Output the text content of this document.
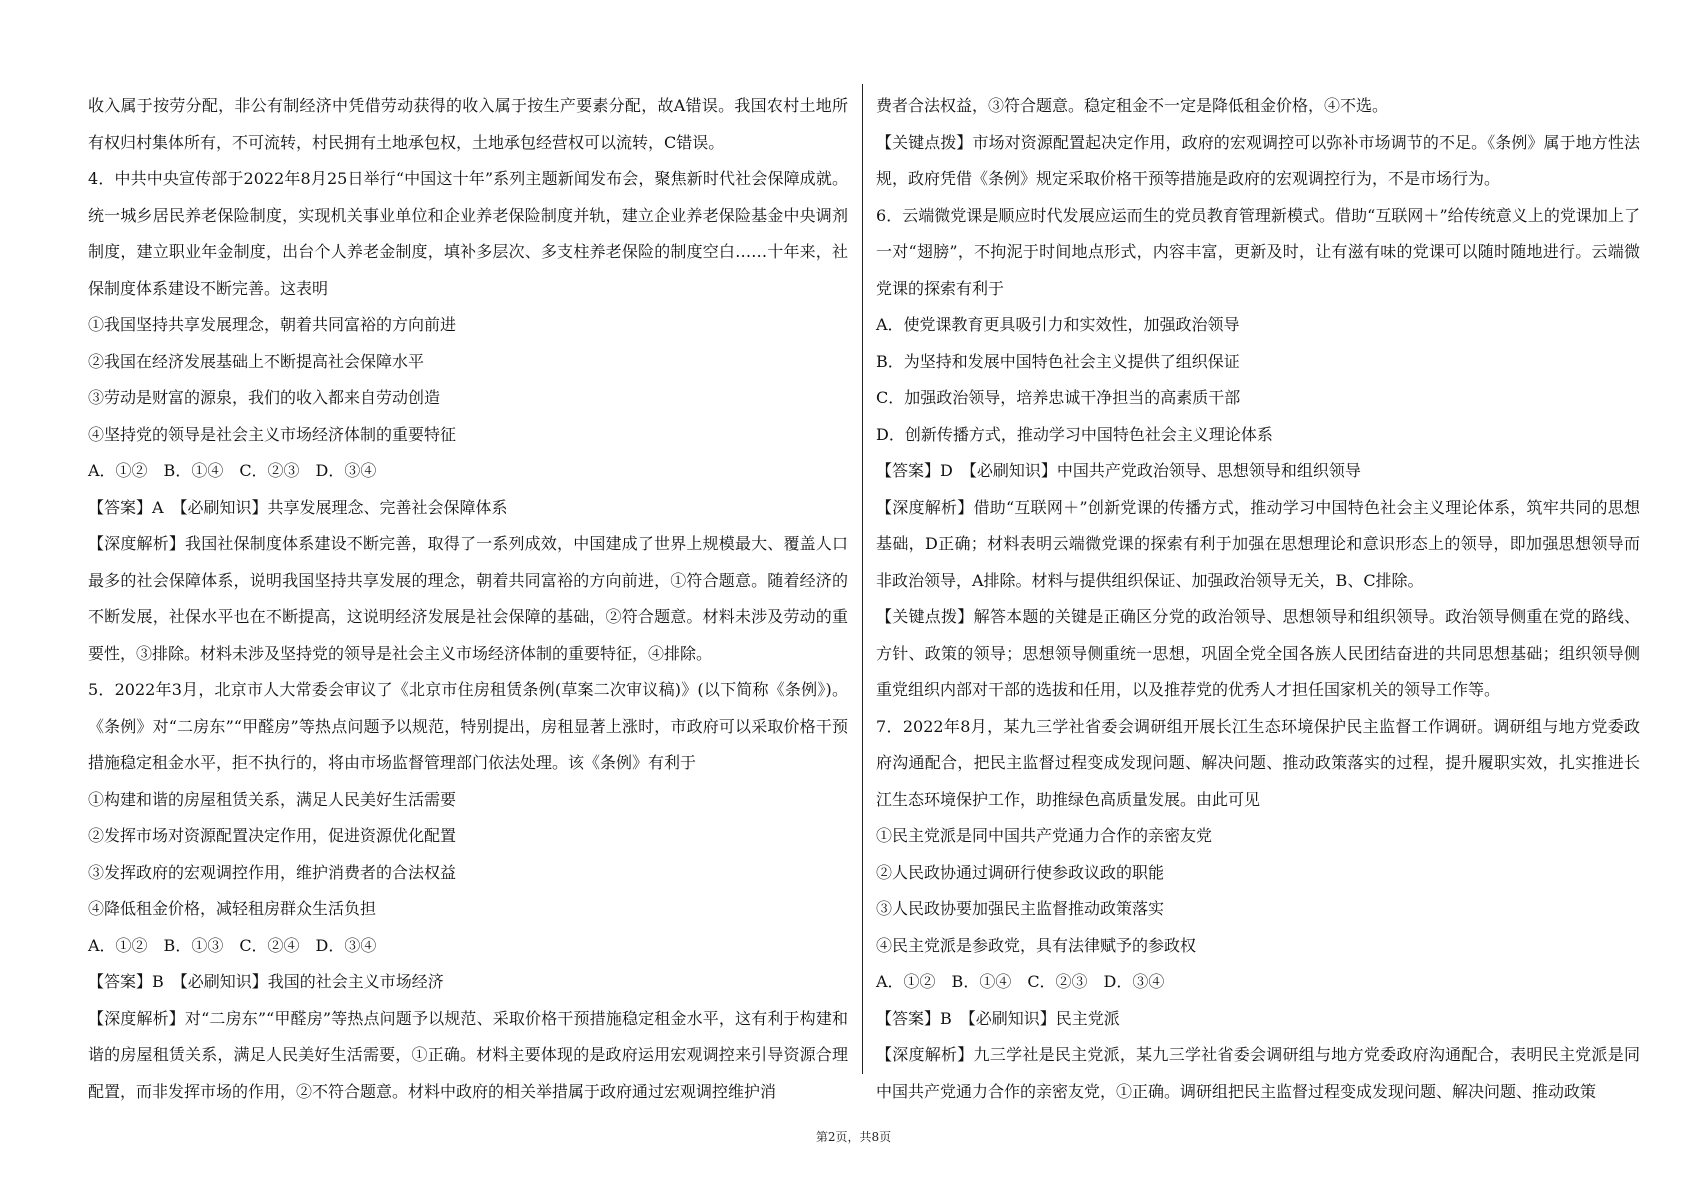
收入属于按劳分配，非公有制经济中凭借劳动获得的收入属于按生产要素分配，故A错误。我国农村土地所有权归村集体所有，不可流转，村民拥有土地承包权，土地承包经营权可以流转，C错误。

4．中共中央宣传部于2022年8月25日举行“中国这十年”系列主题新闻发布会，聚焦新时代社会保障成就。统一城乡居民养老保险制度，实现机关事业单位和企业养老保险制度并轨，建立企业养老保险基金中央调剂制度，建立职业年金制度，出台个人养老金制度，填补多层次、多支柱养老保险的制度空白……十年来，社保制度体系建设不断完善。这表明

①我国坚持共享发展理念，朝着共同富裕的方向前进

②我国在经济发展基础上不断提高社会保障水平

③劳动是财富的源泉，我们的收入都来自劳动创造

④坚持党的领导是社会主义市场经济体制的重要特征

A．①②　B．①④　C．②③　D．③④

【答案】A　【必刷知识】共享发展理念、完善社会保障体系

【深度解析】我国社保制度体系建设不断完善，取得了一系列成效，中国建成了世界上规模最大、覆盖人口最多的社会保障体系，说明我国坚持共享发展的理念，朝着共同富裕的方向前进，①符合题意。随着经济的不断发展，社保水平也在不断提高，这说明经济发展是社会保障的基础，②符合题意。材料未涉及劳动的重要性，③排除。材料未涉及坚持党的领导是社会主义市场经济体制的重要特征，④排除。

5．2022年3月，北京市人大常委会审议了《北京市住房租赁条例(草案二次审议稿)》(以下简称《条例》)。《条例》对“二房东”“甲醛房”等热点问题予以规范，特别提出，房租显著上涨时，市政府可以采取价格干预措施稳定租金水平，拒不执行的，将由市场监督管理部门依法处理。该《条例》有利于

①构建和谐的房屋租赁关系，满足人民美好生活需要

②发挥市场对资源配置决定作用，促进资源优化配置

③发挥政府的宏观调控作用，维护消费者的合法权益

④降低租金价格，减轻租房群众生活负担

A．①②　B．①③　C．②④　D．③④

【答案】B　【必刷知识】我国的社会主义市场经济

【深度解析】对“二房东”“甲醛房”等热点问题予以规范、采取价格干预措施稳定租金水平，这有利于构建和谐的房屋租赁关系，满足人民美好生活需要，①正确。材料主要体现的是政府运用宏观调控来引导资源合理配置，而非发挥市场的作用，②不符合题意。材料中政府的相关举措属于政府通过宏观调控维护消

费者合法权益，③符合题意。稳定租金不一定是降低租金价格，④不选。

【关键点拨】市场对资源配置起决定作用，政府的宏观调控可以弥补市场调节的不足。《条例》属于地方性法规，政府凭借《条例》规定采取价格干预等措施是政府的宏观调控行为，不是市场行为。

6．云端微党课是顺应时代发展应运而生的党员教育管理新模式。借助“互联网＋”给传统意义上的党课加上了一对“翅膀”，不拘泥于时间地点形式，内容丰富，更新及时，让有滋有味的党课可以随时随地进行。云端微党课的探索有利于

A．使党课教育更具吸引力和实效性，加强政治领导

B．为坚持和发展中国特色社会主义提供了组织保证

C．加强政治领导，培养忠诚干净担当的高素质干部

D．创新传播方式，推动学习中国特色社会主义理论体系

【答案】D　【必刷知识】中国共产党政治领导、思想领导和组织领导

【深度解析】借助“互联网＋”创新党课的传播方式，推动学习中国特色社会主义理论体系，筑牢共同的思想基础，D正确；材料表明云端微党课的探索有利于加强在思想理论和意识形态上的领导，即加强思想领导而非政治领导，A排除。材料与提供组织保证、加强政治领导无关，B、C排除。

【关键点拨】解答本题的关键是正确区分党的政治领导、思想领导和组织领导。政治领导侧重在党的路线、方针、政策的领导；思想领导侧重统一思想，巩固全党全国各族人民团结奋进的共同思想基础；组织领导侧重党组织内部对干部的选拔和任用，以及推荐党的优秀人才担任国家机关的领导工作等。

7．2022年8月，某九三学社省委会调研组开展长江生态环境保护民主监督工作调研。调研组与地方党委政府沟通配合，把民主监督过程变成发现问题、解决问题、推动政策落实的过程，提升履职实效，扎实推进长江生态环境保护工作，助推绿色高质量发展。由此可见

①民主党派是同中国共产党通力合作的亲密友党

②人民政协通过调研行使参政议政的职能

③人民政协要加强民主监督推动政策落实

④民主党派是参政党，具有法律赋予的参政权

A．①②　B．①④　C．②③　D．③④

【答案】B　【必刷知识】民主党派

【深度解析】九三学社是民主党派，某九三学社省委会调研组与地方党委政府沟通配合，表明民主党派是同中国共产党通力合作的亲密友党，①正确。调研组把民主监督过程变成发现问题、解决问题、推动政策

第2页，共8页
